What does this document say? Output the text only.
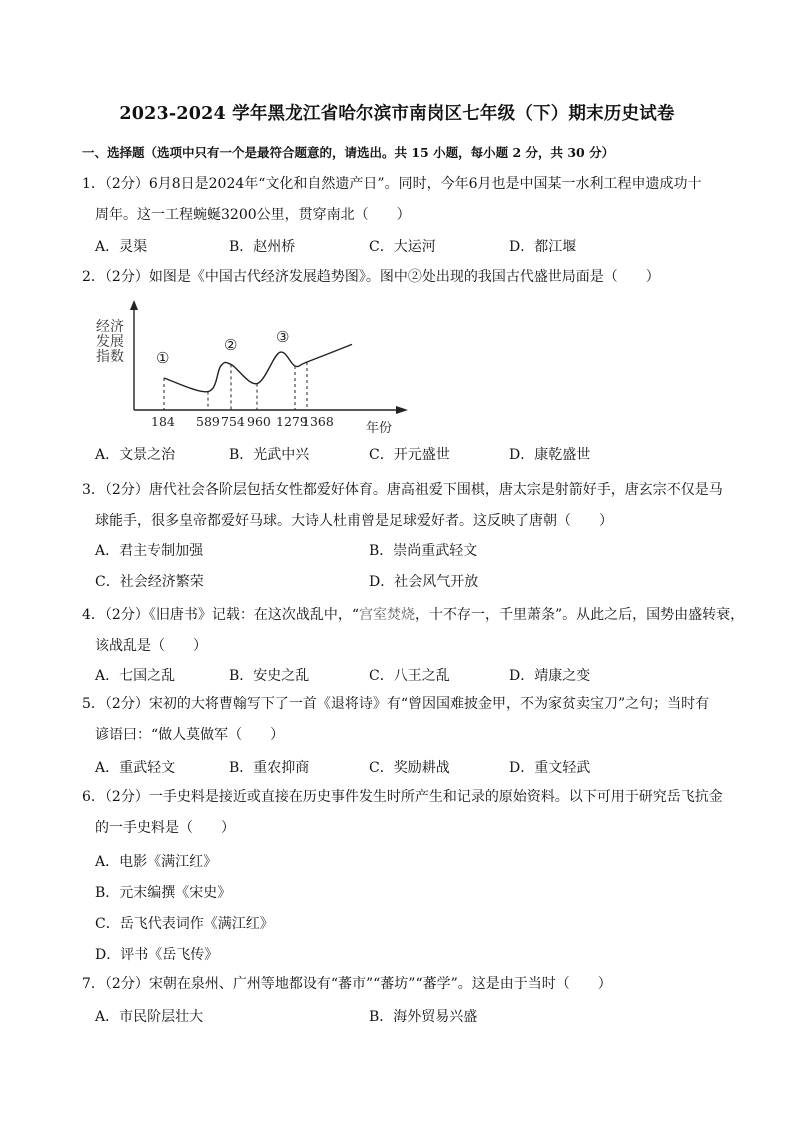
2023-2024 学年黑龙江省哈尔滨市南岗区七年级（下）期末历史试卷
一、选择题（选项中只有一个是最符合题意的，请选出。共 15 小题，每小题 2 分，共 30 分）
1．（2分）6月8日是2024年“文化和自然遗产日”。同时，今年6月也是中国某一水利工程申遗成功十
周年。这一工程蜿蜒3200公里，贯穿南北（　　）
A．灵渠	B．赵州桥	C．大运河	D．都江堰
2．（2分）如图是《中国古代经济发展趋势图》。图中②处出现的我国古代盛世局面是（　　）
经济
发展
指数
184 589 754 960 1279
1368 年份
①
②	③
A．文景之治	B．光武中兴	C．开元盛世	D．康乾盛世
3．（2分）唐代社会各阶层包括女性都爱好体育。唐高祖爱下围棋，唐太宗是射箭好手，唐玄宗不仅是马
球能手，很多皇帝都爱好马球。大诗人杜甫曾是足球爱好者。这反映了唐朝（　　）
A．君主专制加强	B．崇尚重武轻文
C．社会经济繁荣	D．社会风气开放
4．（2分）《旧唐书》记载：在这次战乱中，“宫室焚烧，十不存一，千里萧条”。从此之后，国势由盛转衰，
该战乱是（　　）
A．七国之乱	B．安史之乱	C．八王之乱	D．靖康之变
5．（2分）宋初的大将曹翰写下了一首《退将诗》有“曾因国难披金甲，不为家贫卖宝刀”之句；当时有
谚语曰：“做人莫做军（　　）
A．重武轻文	B．重农抑商	C．奖励耕战	D．重文轻武
6．（2分）一手史料是接近或直接在历史事件发生时所产生和记录的原始资料。以下可用于研究岳飞抗金
的一手史料是（　　）
A．电影《满江红》
B．元末编撰《宋史》
C．岳飞代表词作《满江红》
D．评书《岳飞传》
7．（2分）宋朝在泉州、广州等地都设有“蕃市”“蕃坊”“蕃学”。这是由于当时（　　）
A．市民阶层壮大	B．海外贸易兴盛
